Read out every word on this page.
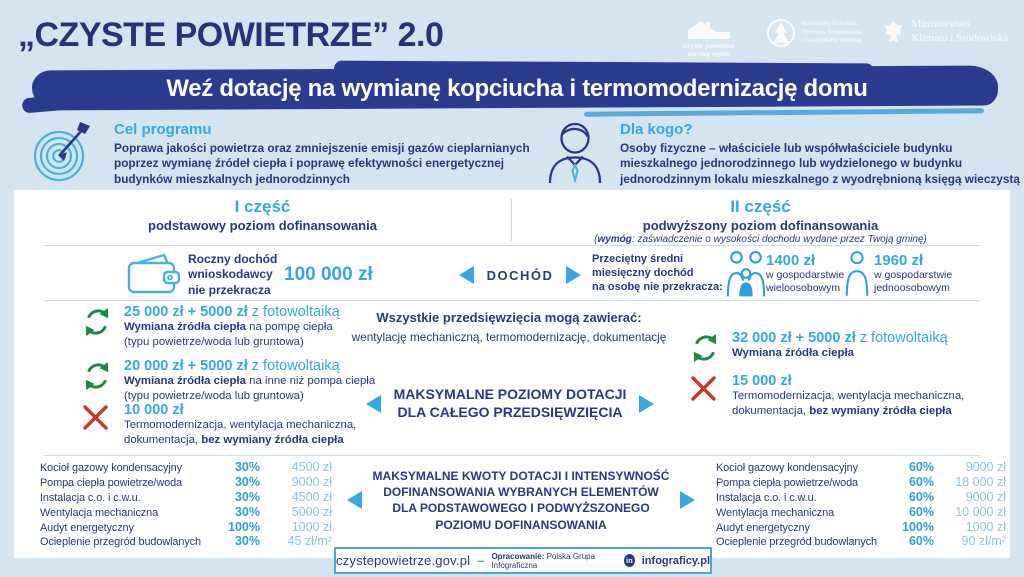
„CZYSTE POWIETRZE” 2.0	czyste powietrze
zdrowy wybór
Narodowy Fundusz
Ochrony Środowiska
i Gospodarki Wodnej
Ministerstwo
Klimatu i Środowiska
Weź dotację na wymianę kopciucha i termomodernizację domu
Cel programu
Poprawa jakości powietrza oraz zmniejszenie emisji gazów cieplarnianych poprzez wymianę źródeł ciepła i poprawę efektywności energetycznej budynków mieszkalnych jednorodzinnych
Dla kogo?
Osoby fizyczne – właściciele lub współwłaściciele budynku mieszkalnego jednorodzinnego lub wydzielonego w budynku jednorodzinnym lokalu mieszkalnego z wyodrębnioną księgą wieczystą
I część
podstawowy poziom dofinansowania
II część
podwyższony poziom dofinansowania
(wymóg: zaświadczenie o wysokości dochodu wydane przez Twoją gminę)
Roczny dochód
wnioskodawcy
nie przekracza
100 000 zł	DOCHÓD
Przeciętny średni
miesięczny dochód
na osobę nie przekracza:
1400 zł
w gospodarstwie
wieloosobowym
1960 zł
w gospodarstwie
jednoosobowym
25 000 zł + 5000 zł z fotowoltaiką
Wymiana źródła ciepła na pompę ciepła
(typu powietrze/woda lub gruntowa)
20 000 zł + 5000 zł z fotowoltaiką
Wymiana źródła ciepła na inne niż pompa ciepła
(typu powietrze/woda lub gruntowa)
10 000 zł
Termomodernizacja, wentylacja mechaniczna,
dokumentacja, bez wymiany źródła ciepła
Wszystkie przedsięwzięcia mogą zawierać:
wentylację mechaniczną, termomodernizację, dokumentację
MAKSYMALNE POZIOMY DOTACJI
DLA CAŁEGO PRZEDSIĘWZIĘCIA
32 000 zł + 5000 zł z fotowoltaiką
Wymiana źródła ciepła
15 000 zł
Termomodernizacja, wentylacja mechaniczna,
dokumentacja, bez wymiany źródła ciepła
Kocioł gazowy kondensacyjny	30%	4500 zł
Pompa ciepła powietrze/woda	30%	9000 zł
Instalacja c.o. i c.w.u.	30%	4500 zł
Wentylacja mechaniczna	30%	5000 zł
Audyt energetyczny	100%	1000 zł
Ocieplenie przegród budowlanych	30%	45 zł/m²
MAKSYMALNE KWOTY DOTACJI I INTENSYWNOŚĆ
DOFINANSOWANIA WYBRANYCH ELEMENTÓW
DLA PODSTAWOWEGO I PODWYŻSZONEGO
POZIOMU DOFINANSOWANIA
Kocioł gazowy kondensacyjny	60%	9000 zł
Pompa ciepła powietrze/woda	60%	18 000 zł
Instalacja c.o. i c.w.u.	60%	9000 zł
Wentylacja mechaniczna	60%	10 000 zł
Audyt energetyczny	100%	1000 zł
Ocieplenie przegród budowlanych	60%	90 zł/m²
czystepowietrze.gov.pl – Opracowanie: Polska Grupa Infograficzna	in infograficy.pl
